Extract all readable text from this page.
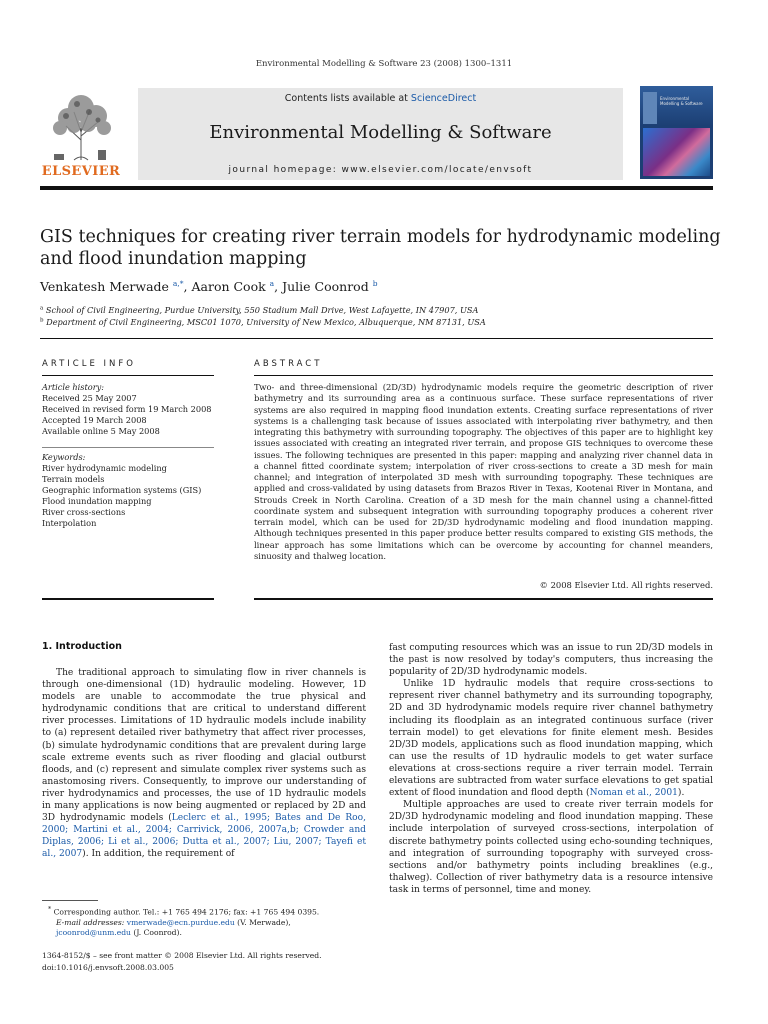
Environmental Modelling & Software 23 (2008) 1300–1311
ELSEVIER
Contents lists available at ScienceDirect
Environmental Modelling & Software
journal homepage: www.elsevier.com/locate/envsoft
Environmental Modelling & Software
GIS techniques for creating river terrain models for hydrodynamic modeling and flood inundation mapping
Venkatesh Merwade $^{a,*}$, Aaron Cook $^a$, Julie Coonrod $^b$
$^a$ School of Civil Engineering, Purdue University, 550 Stadium Mall Drive, West Lafayette, IN 47907, USA
$^b$ Department of Civil Engineering, MSC01 1070, University of New Mexico, Albuquerque, NM 87131, USA
ARTICLE INFO
Article history:
Received 25 May 2007
Received in revised form 19 March 2008
Accepted 19 March 2008
Available online 5 May 2008
Keywords:
River hydrodynamic modeling
Terrain models
Geographic information systems (GIS)
Flood inundation mapping
River cross-sections
Interpolation
ABSTRACT
Two- and three-dimensional (2D/3D) hydrodynamic models require the geometric description of river bathymetry and its surrounding area as a continuous surface. These surface representations of river systems are also required in mapping flood inundation extents. Creating surface representations of river systems is a challenging task because of issues associated with interpolating river bathymetry, and then integrating this bathymetry with surrounding topography. The objectives of this paper are to highlight key issues associated with creating an integrated river terrain, and propose GIS techniques to overcome these issues. The following techniques are presented in this paper: mapping and analyzing river channel data in a channel fitted coordinate system; interpolation of river cross-sections to create a 3D mesh for main channel; and integration of interpolated 3D mesh with surrounding topography. These techniques are applied and cross-validated by using datasets from Brazos River in Texas, Kootenai River in Montana, and Strouds Creek in North Carolina. Creation of a 3D mesh for the main channel using a channel-fitted coordinate system and subsequent integration with surrounding topography produces a coherent river terrain model, which can be used for 2D/3D hydrodynamic modeling and flood inundation mapping. Although techniques presented in this paper produce better results compared to existing GIS methods, the linear approach has some limitations which can be overcome by accounting for channel meanders, sinuosity and thalweg location.
© 2008 Elsevier Ltd. All rights reserved.
1. Introduction

The traditional approach to simulating flow in river channels is through one-dimensional (1D) hydraulic modeling. However, 1D models are unable to accommodate the true physical and hydrodynamic conditions that are critical to understand different river processes. Limitations of 1D hydraulic models include inability to (a) represent detailed river bathymetry that affect river processes, (b) simulate hydrodynamic conditions that are prevalent during large scale extreme events such as river flooding and glacial outburst floods, and (c) represent and simulate complex river systems such as anastomosing rivers. Consequently, to improve our understanding of river hydrodynamics and processes, the use of 1D hydraulic models in many applications is now being augmented or replaced by 2D and 3D hydrodynamic models (Leclerc et al., 1995; Bates and De Roo, 2000; Martini et al., 2004; Carrivick, 2006, 2007a,b; Crowder and Diplas, 2006; Li et al., 2006; Dutta et al., 2007; Liu, 2007; Tayefi et al., 2007). In addition, the requirement of

fast computing resources which was an issue to run 2D/3D models in the past is now resolved by today's computers, thus increasing the popularity of 2D/3D hydrodynamic models.

Unlike 1D hydraulic models that require cross-sections to represent river channel bathymetry and its surrounding topography, 2D and 3D hydrodynamic models require river channel bathymetry including its floodplain as an integrated continuous surface (river terrain model) to get elevations for finite element mesh. Besides 2D/3D models, applications such as flood inundation mapping, which can use the results of 1D hydraulic models to get water surface elevations at cross-sections require a river terrain model. Terrain elevations are subtracted from water surface elevations to get spatial extent of flood inundation and flood depth (Noman et al., 2001).

Multiple approaches are used to create river terrain models for 2D/3D hydrodynamic modeling and flood inundation mapping. These include interpolation of surveyed cross-sections, interpolation of discrete bathymetry points collected using echo-sounding techniques, and integration of surrounding topography with surveyed cross-sections and/or bathymetry points including breaklines (e.g., thalweg). Collection of river bathymetry data is a resource intensive task in terms of personnel, time and money.

* Corresponding author. Tel.: +1 765 494 2176; fax: +1 765 494 0395.
E-mail addresses: vmerwade@ecn.purdue.edu (V. Merwade), jcoonrod@unm.edu (J. Coonrod).
1364-8152/$ – see front matter © 2008 Elsevier Ltd. All rights reserved.
doi:10.1016/j.envsoft.2008.03.005
